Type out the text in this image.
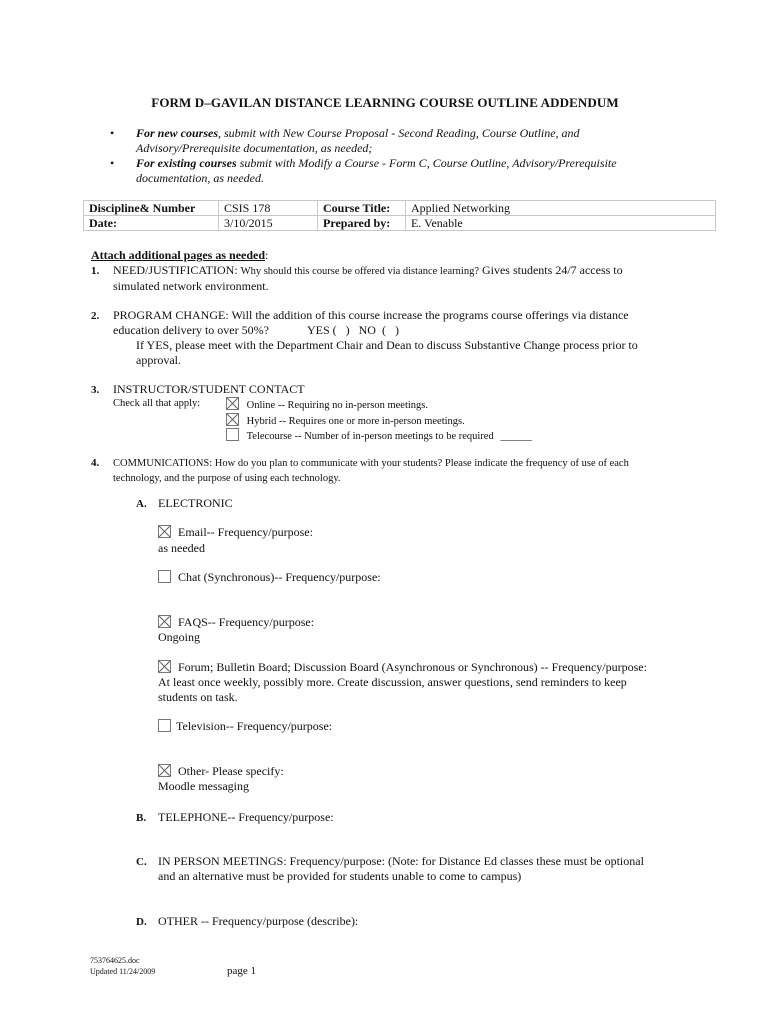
FORM D–GAVILAN DISTANCE LEARNING COURSE OUTLINE ADDENDUM
• For new courses, submit with New Course Proposal - Second Reading, Course Outline, and Advisory/Prerequisite documentation, as needed;
• For existing courses submit with Modify a Course - Form C, Course Outline, Advisory/Prerequisite documentation, as needed.
Discipline& Number	CSIS 178	Course Title:	Applied Networking
Date:	3/10/2015	Prepared by:	E. Venable
Attach additional pages as needed:
1. NEED/JUSTIFICATION: Why should this course be offered via distance learning? Gives students 24/7 access to
simulated network environment.
2. PROGRAM CHANGE: Will the addition of this course increase the programs course offerings via distance
education delivery to over 50%?	YES (   )   NO  (   )
If YES, please meet with the Department Chair and Dean to discuss Substantive Change process prior to
approval.
3. INSTRUCTOR/STUDENT CONTACT
Check all that apply:	Online -- Requiring no in-person meetings.
Hybrid -- Requires one or more in-person meetings.
Telecourse -- Number of in-person meetings to be required ______
4. COMMUNICATIONS: How do you plan to communicate with your students? Please indicate the frequency of use of each
technology, and the purpose of using each technology.
A. ELECTRONIC
Email-- Frequency/purpose:
as needed
Chat (Synchronous)-- Frequency/purpose:
FAQS-- Frequency/purpose:
Ongoing
Forum; Bulletin Board; Discussion Board (Asynchronous or Synchronous) -- Frequency/purpose:
At least once weekly, possibly more. Create discussion, answer questions, send reminders to keep
students on task.
Television-- Frequency/purpose:
Other- Please specify:
Moodle messaging
B. TELEPHONE-- Frequency/purpose:
C. IN PERSON MEETINGS: Frequency/purpose: (Note: for Distance Ed classes these must be optional
and an alternative must be provided for students unable to come to campus)
D. OTHER -- Frequency/purpose (describe):
753764625.doc
Updated 11/24/2009	page 1
